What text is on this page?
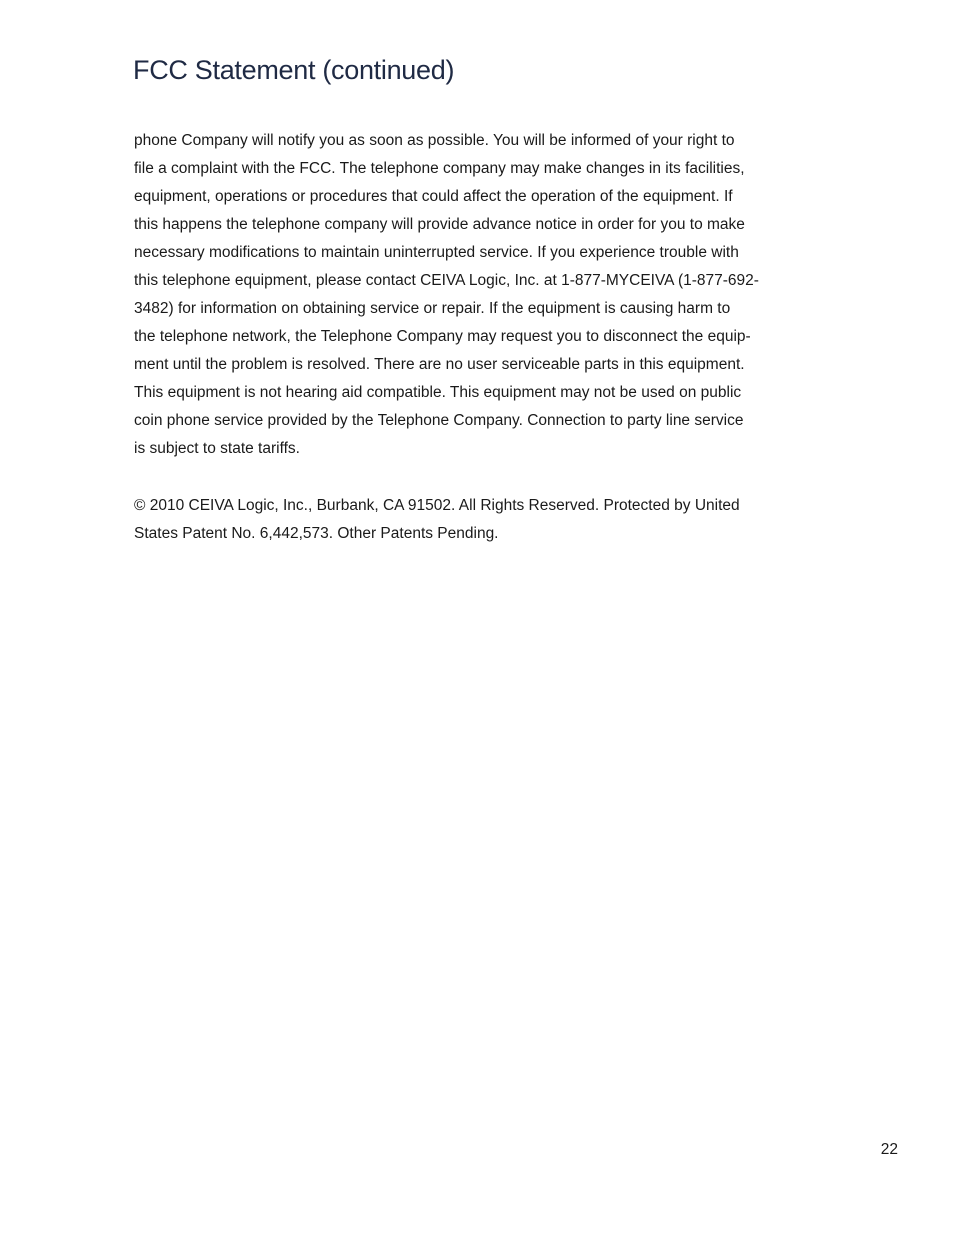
FCC Statement (continued)
phone Company will notify you as soon as possible. You will be informed of your right to
file a complaint with the FCC. The telephone company may make changes in its facilities,
equipment, operations or procedures that could affect the operation of the equipment. If
this happens the telephone company will provide advance notice in order for you to make
necessary modifications to maintain uninterrupted service. If you experience trouble with
this telephone equipment, please contact CEIVA Logic, Inc. at 1-877-MYCEIVA (1-877-692-
3482) for information on obtaining service or repair. If the equipment is causing harm to
the telephone network, the Telephone Company may request you to disconnect the equip-
ment until the problem is resolved. There are no user serviceable parts in this equipment.
This equipment is not hearing aid compatible. This equipment may not be used on public
coin phone service provided by the Telephone Company. Connection to party line service
is subject to state tariffs.
© 2010 CEIVA Logic, Inc., Burbank, CA 91502. All Rights Reserved. Protected by United
States Patent No. 6,442,573. Other Patents Pending.
22
